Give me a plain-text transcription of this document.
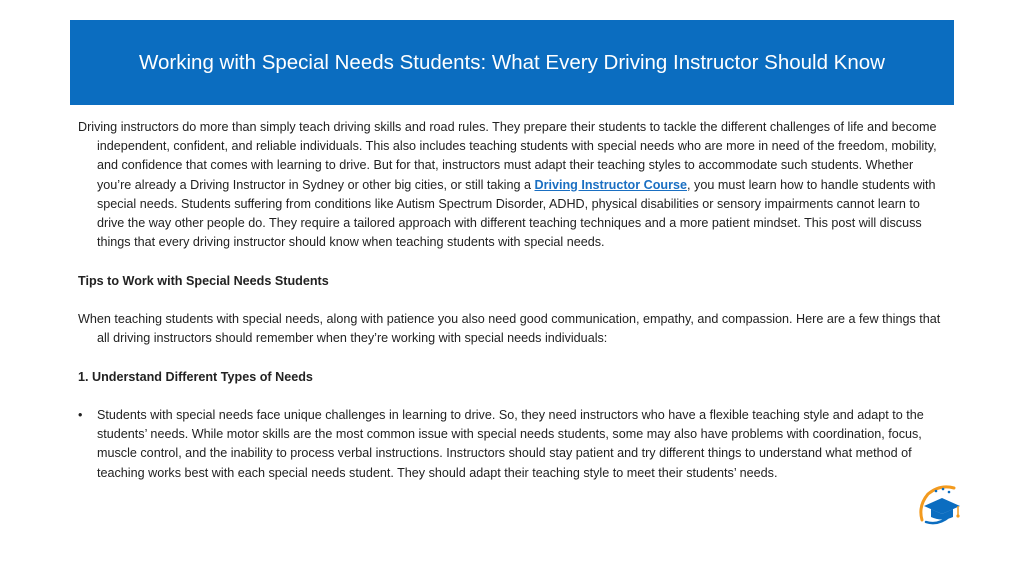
Working with Special Needs Students: What Every Driving Instructor Should Know

Driving instructors do more than simply teach driving skills and road rules. They prepare their students to tackle the different challenges of life and become independent, confident, and reliable individuals. This also includes teaching students with special needs who are more in need of the freedom, mobility, and confidence that comes with learning to drive. But for that, instructors must adapt their teaching styles to accommodate such students. Whether you’re already a Driving Instructor in Sydney or other big cities, or still taking a Driving Instructor Course, you must learn how to handle students with special needs. Students suffering from conditions like Autism Spectrum Disorder, ADHD, physical disabilities or sensory impairments cannot learn to drive the way other people do. They require a tailored approach with different teaching techniques and a more patient mindset. This post will discuss things that every driving instructor should know when teaching students with special needs.

Tips to Work with Special Needs Students

When teaching students with special needs, along with patience you also need good communication, empathy, and compassion. Here are a few things that all driving instructors should remember when they’re working with special needs individuals:

1. Understand Different Types of Needs

• Students with special needs face unique challenges in learning to drive. So, they need instructors who have a flexible teaching style and adapt to the students’ needs. While motor skills are the most common issue with special needs students, some may also have problems with coordination, focus, muscle control, and the inability to process verbal instructions. Instructors should stay patient and try different things to understand what method of teaching works best with each special needs student. They should adapt their teaching style to meet their students’ needs.
